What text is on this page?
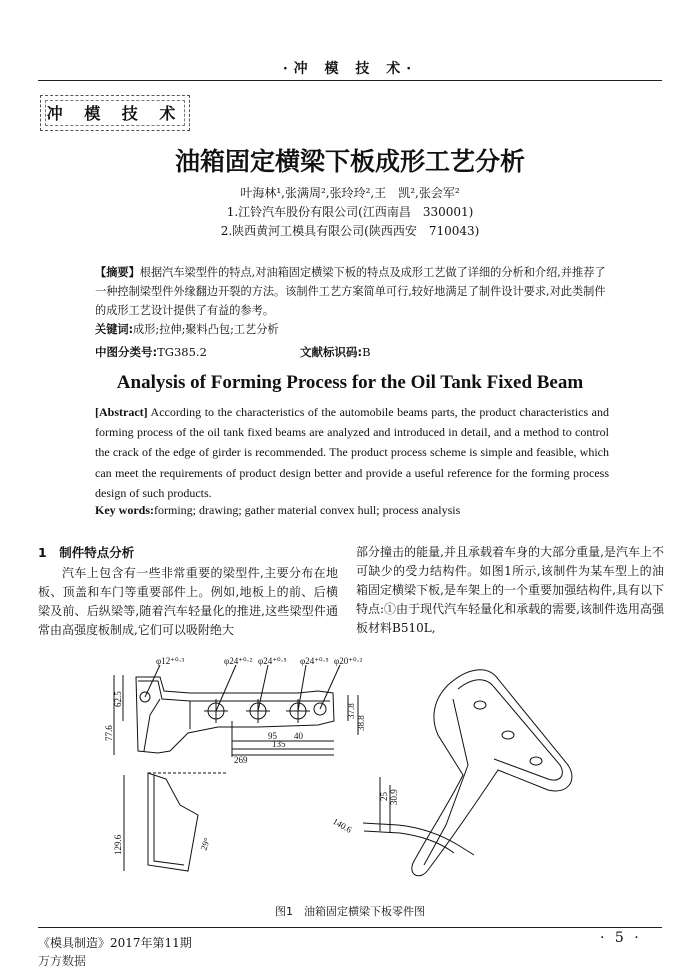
·冲 模 技 术·
冲 模 技 术
油箱固定横梁下板成形工艺分析
叶海林¹,张满周²,张玲玲²,王　凯²,张会军²
1.江铃汽车股份有限公司(江西南昌　330001)
2.陕西黄河工模具有限公司(陕西西安　710043)
【摘要】根据汽车梁型件的特点,对油箱固定横梁下板的特点及成形工艺做了详细的分析和介绍,并推荐了一种控制梁型件外缘翻边开裂的方法。该制件工艺方案简单可行,较好地满足了制件设计要求,对此类制件的成形工艺设计提供了有益的参考。
关键词:成形;拉伸;聚料凸包;工艺分析
中图分类号:TG385.2	文献标识码:B
Analysis of Forming Process for the Oil Tank Fixed Beam
[Abstract] According to the characteristics of the automobile beams parts, the product characteristics and forming process of the oil tank fixed beams are analyzed and introduced in detail, and a method to control the crack of the edge of girder is recommended. The product process scheme is simple and feasible, which can meet the requirements of product design better and provide a useful reference for the forming process design of such products.
Key words:forming; drawing; gather material convex hull; process analysis
1　制件特点分析
汽车上包含有一些非常重要的梁型件,主要分布在地板、顶盖和车门等重要部件上。例如,地板上的前、后横梁及前、后纵梁等,随着汽车轻量化的推进,这些梁型件通常由高强度板制成,它们可以吸附绝大
部分撞击的能量,并且承载着车身的大部分重量,是汽车上不可缺少的受力结构件。如图1所示,该制件为某车型上的油箱固定横梁下板,是车架上的一个重要加强结构件,具有以下特点:①由于现代汽车轻量化和承载的需要,该制件选用高强板材料B510L,
φ12⁺⁰·³	φ24⁺⁰·² φ24⁺⁰·⁵ φ24⁺⁰·⁵ φ20⁺⁰·²
62.5
77.6
37.8
38.8
95 40
135
269
25 30.9
140.6
129.6	29°
图1　油箱固定横梁下板零件图
《模具制造》2017年第11期	· 5 ·
万方数据
